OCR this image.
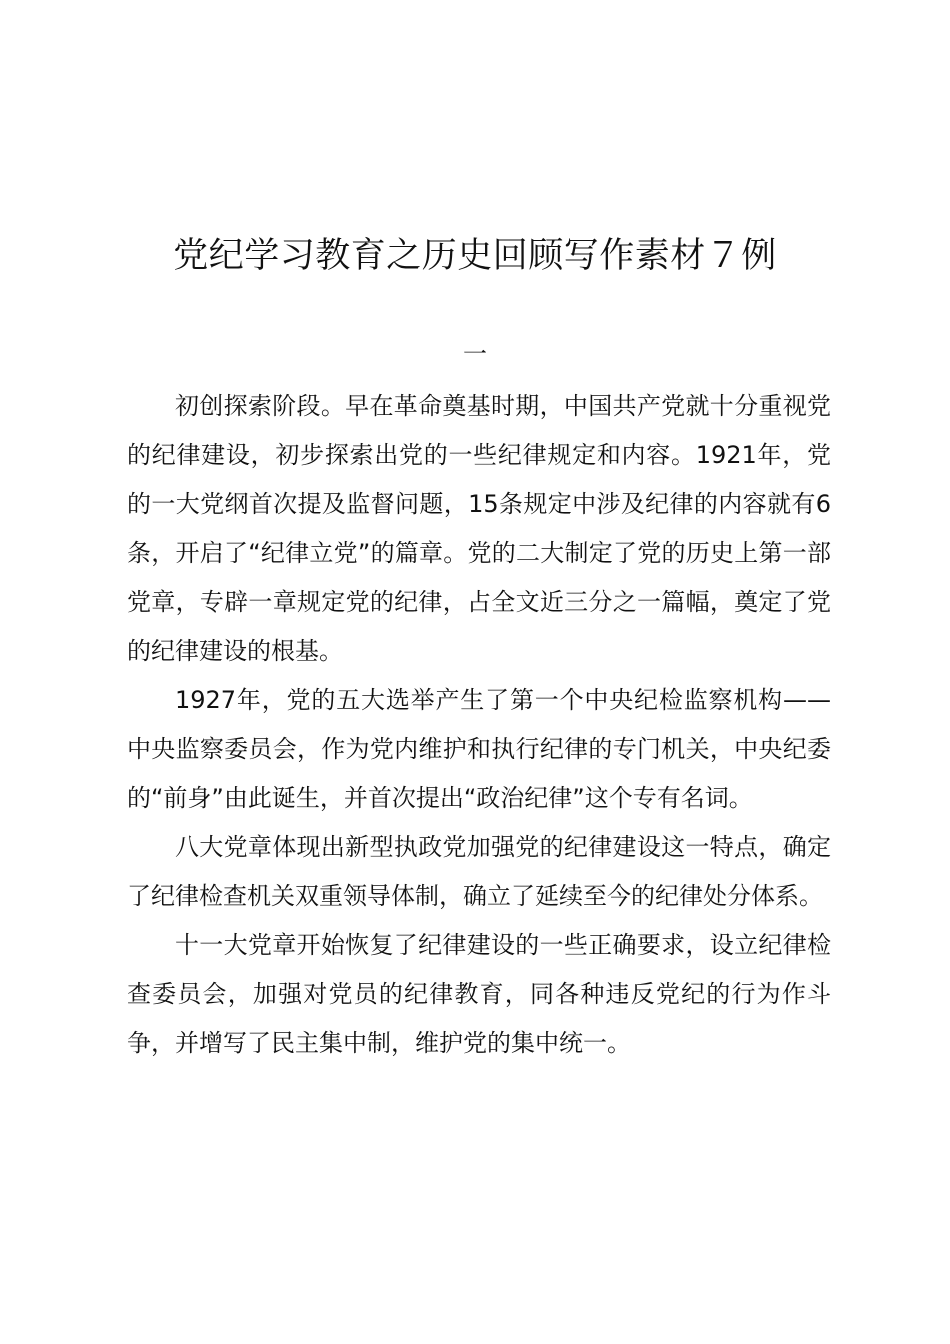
党纪学习教育之历史回顾写作素材７例
一

初创探索阶段。早在革命奠基时期，中国共产党就十分重视党的纪律建设，初步探索出党的一些纪律规定和内容。1921年，党的一大党纲首次提及监督问题，15条规定中涉及纪律的内容就有6条，开启了“纪律立党”的篇章。党的二大制定了党的历史上第一部党章，专辟一章规定党的纪律，占全文近三分之一篇幅，奠定了党的纪律建设的根基。

1927年，党的五大选举产生了第一个中央纪检监察机构——中央监察委员会，作为党内维护和执行纪律的专门机关，中央纪委的“前身”由此诞生，并首次提出“政治纪律”这个专有名词。

八大党章体现出新型执政党加强党的纪律建设这一特点，确定了纪律检查机关双重领导体制，确立了延续至今的纪律处分体系。

十一大党章开始恢复了纪律建设的一些正确要求，设立纪律检查委员会，加强对党员的纪律教育，同各种违反党纪的行为作斗争，并增写了民主集中制，维护党的集中统一。
